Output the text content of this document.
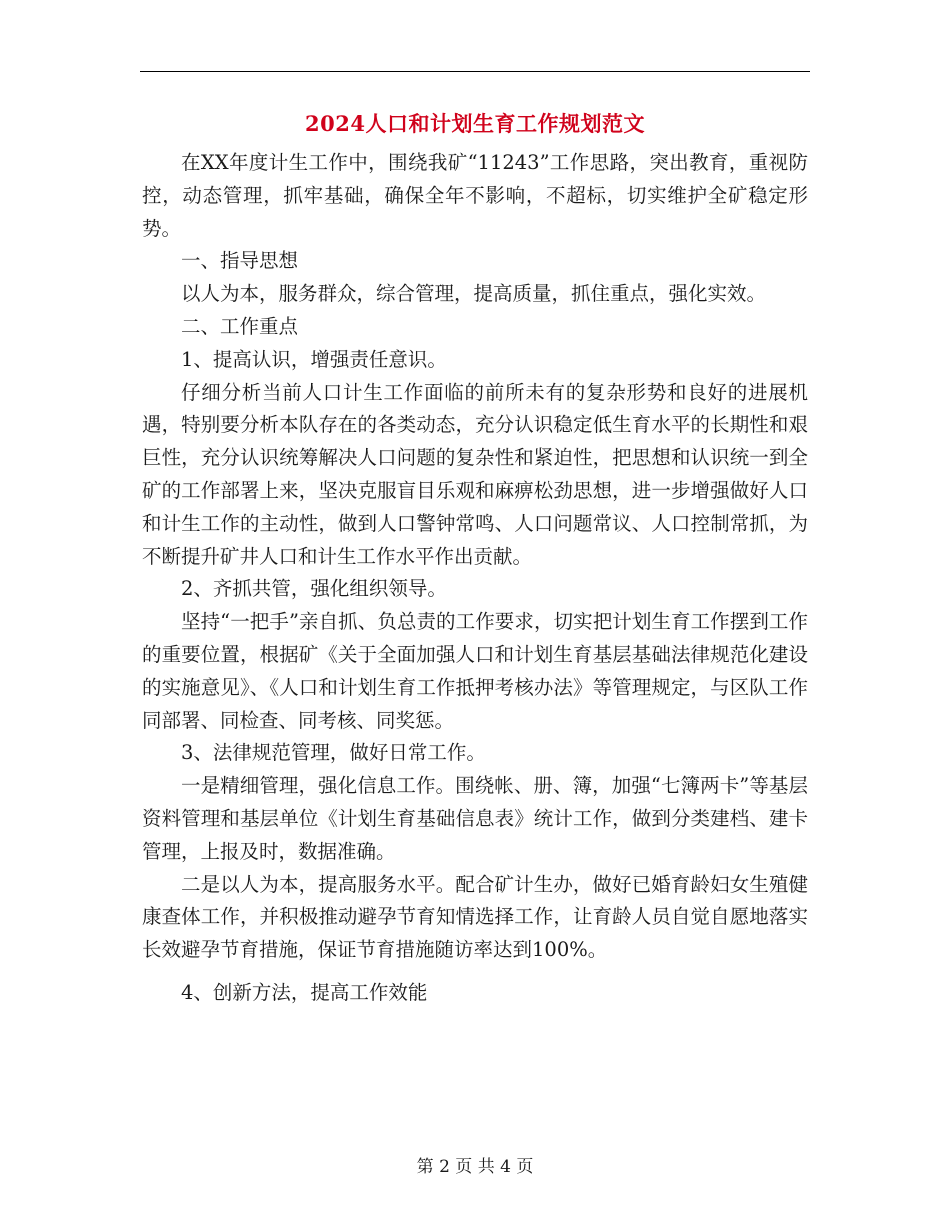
2024人口和计划生育工作规划范文

在XX年度计生工作中，围绕我矿“11243”工作思路，突出教育，重视防控，动态管理，抓牢基础，确保全年不影响，不超标，切实维护全矿稳定形势。

一、指导思想

以人为本，服务群众，综合管理，提高质量，抓住重点，强化实效。

二、工作重点

1、提高认识，增强责任意识。

仔细分析当前人口计生工作面临的前所未有的复杂形势和良好的进展机遇，特别要分析本队存在的各类动态，充分认识稳定低生育水平的长期性和艰巨性，充分认识统筹解决人口问题的复杂性和紧迫性，把思想和认识统一到全矿的工作部署上来，坚决克服盲目乐观和麻痹松劲思想，进一步增强做好人口和计生工作的主动性，做到人口警钟常鸣、人口问题常议、人口控制常抓，为不断提升矿井人口和计生工作水平作出贡献。

2、齐抓共管，强化组织领导。

坚持“一把手”亲自抓、负总责的工作要求，切实把计划生育工作摆到工作的重要位置，根据矿《关于全面加强人口和计划生育基层基础法律规范化建设的实施意见》、《人口和计划生育工作抵押考核办法》等管理规定，与区队工作同部署、同检查、同考核、同奖惩。

3、法律规范管理，做好日常工作。

一是精细管理，强化信息工作。围绕帐、册、簿，加强“七簿两卡”等基层资料管理和基层单位《计划生育基础信息表》统计工作，做到分类建档、建卡管理，上报及时，数据准确。

二是以人为本，提高服务水平。配合矿计生办，做好已婚育龄妇女生殖健康查体工作，并积极推动避孕节育知情选择工作，让育龄人员自觉自愿地落实长效避孕节育措施，保证节育措施随访率达到100%。

4、创新方法，提高工作效能

第 2 页 共 4 页
